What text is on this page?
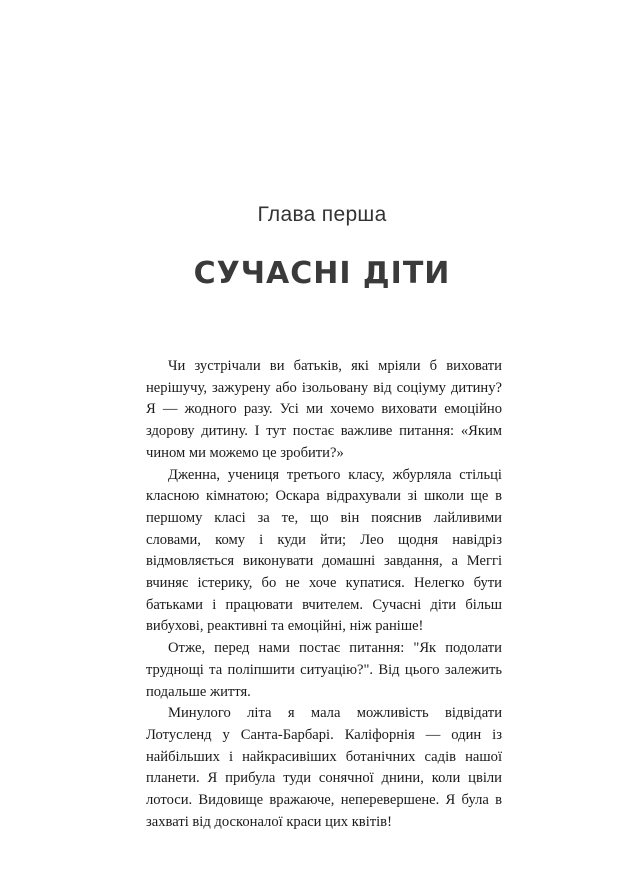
Глава перша
СУЧАСНІ ДІТИ

Чи зустрічали ви батьків, які мріяли б виховати нерішучу, зажурену або ізольовану від соціуму дитину? Я — жодного разу. Усі ми хочемо виховати емоційно здорову дитину. І тут постає важливе питання: «Яким чином ми можемо це зробити?»

Дженна, учениця третього класу, жбурляла стільці класною кімнатою; Оскара відрахували зі школи ще в першому класі за те, що він пояснив лайливими словами, кому і куди йти; Лео щодня навідріз відмовляється виконувати домашні завдання, а Меггі вчиняє істерику, бо не хоче купатися. Нелегко бути батьками і працювати вчителем. Сучасні діти більш вибухові, реактивні та емоційні, ніж раніше!

Отже, перед нами постає питання: "Як подолати труднощі та поліпшити ситуацію?". Від цього залежить подальше життя.

Минулого літа я мала можливість відвідати Лотусленд у Санта-Барбарі. Каліфорнія — один із найбільших і найкрасивіших ботанічних садів нашої планети. Я прибула туди сонячної днини, коли цвіли лотоси. Видовище вражаюче, неперевершене. Я була в захваті від досконалої краси цих квітів!
